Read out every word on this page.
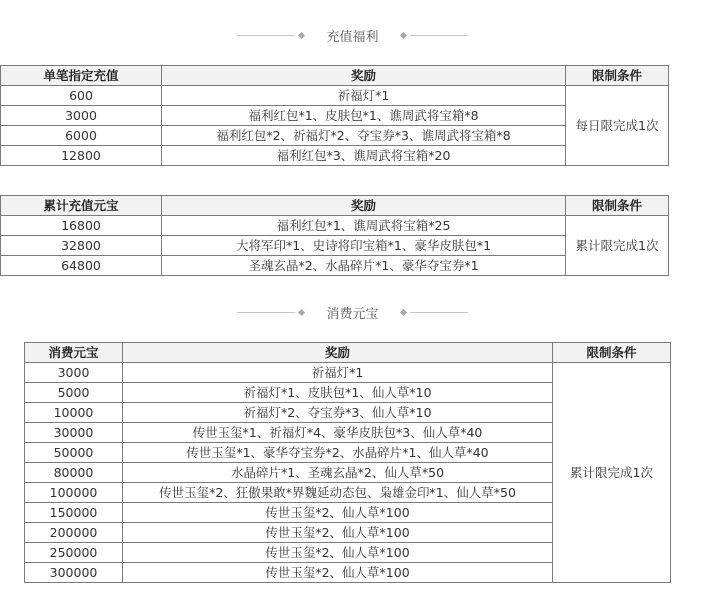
充值福利
单笔指定充值	奖励	限制条件
600	祈福灯*1	每日限完成1次
3000	福利红包*1、皮肤包*1、谯周武将宝箱*8	
6000	福利红包*2、祈福灯*2、夺宝券*3、谯周武将宝箱*8	
12800	福利红包*3、谯周武将宝箱*20	
累计充值元宝	奖励	限制条件
16800	福利红包*1、谯周武将宝箱*25	累计限完成1次
32800	大将军印*1、史诗将印宝箱*1、豪华皮肤包*1	
64800	圣魂玄晶*2、水晶碎片*1、豪华夺宝券*1	
消费元宝
消费元宝	奖励	限制条件
3000	祈福灯*1	累计限完成1次
5000	祈福灯*1、皮肤包*1、仙人草*10	
10000	祈福灯*2、夺宝券*3、仙人草*10	
30000	传世玉玺*1、祈福灯*4、豪华皮肤包*3、仙人草*40	
50000	传世玉玺*1、豪华夺宝券*2、水晶碎片*1、仙人草*40	
80000	水晶碎片*1、圣魂玄晶*2、仙人草*50	
100000	传世玉玺*2、狂傲果敢*界魏延动态包、枭雄金印*1、仙人草*50	
150000	传世玉玺*2、仙人草*100	
200000	传世玉玺*2、仙人草*100	
250000	传世玉玺*2、仙人草*100	
300000	传世玉玺*2、仙人草*100	
